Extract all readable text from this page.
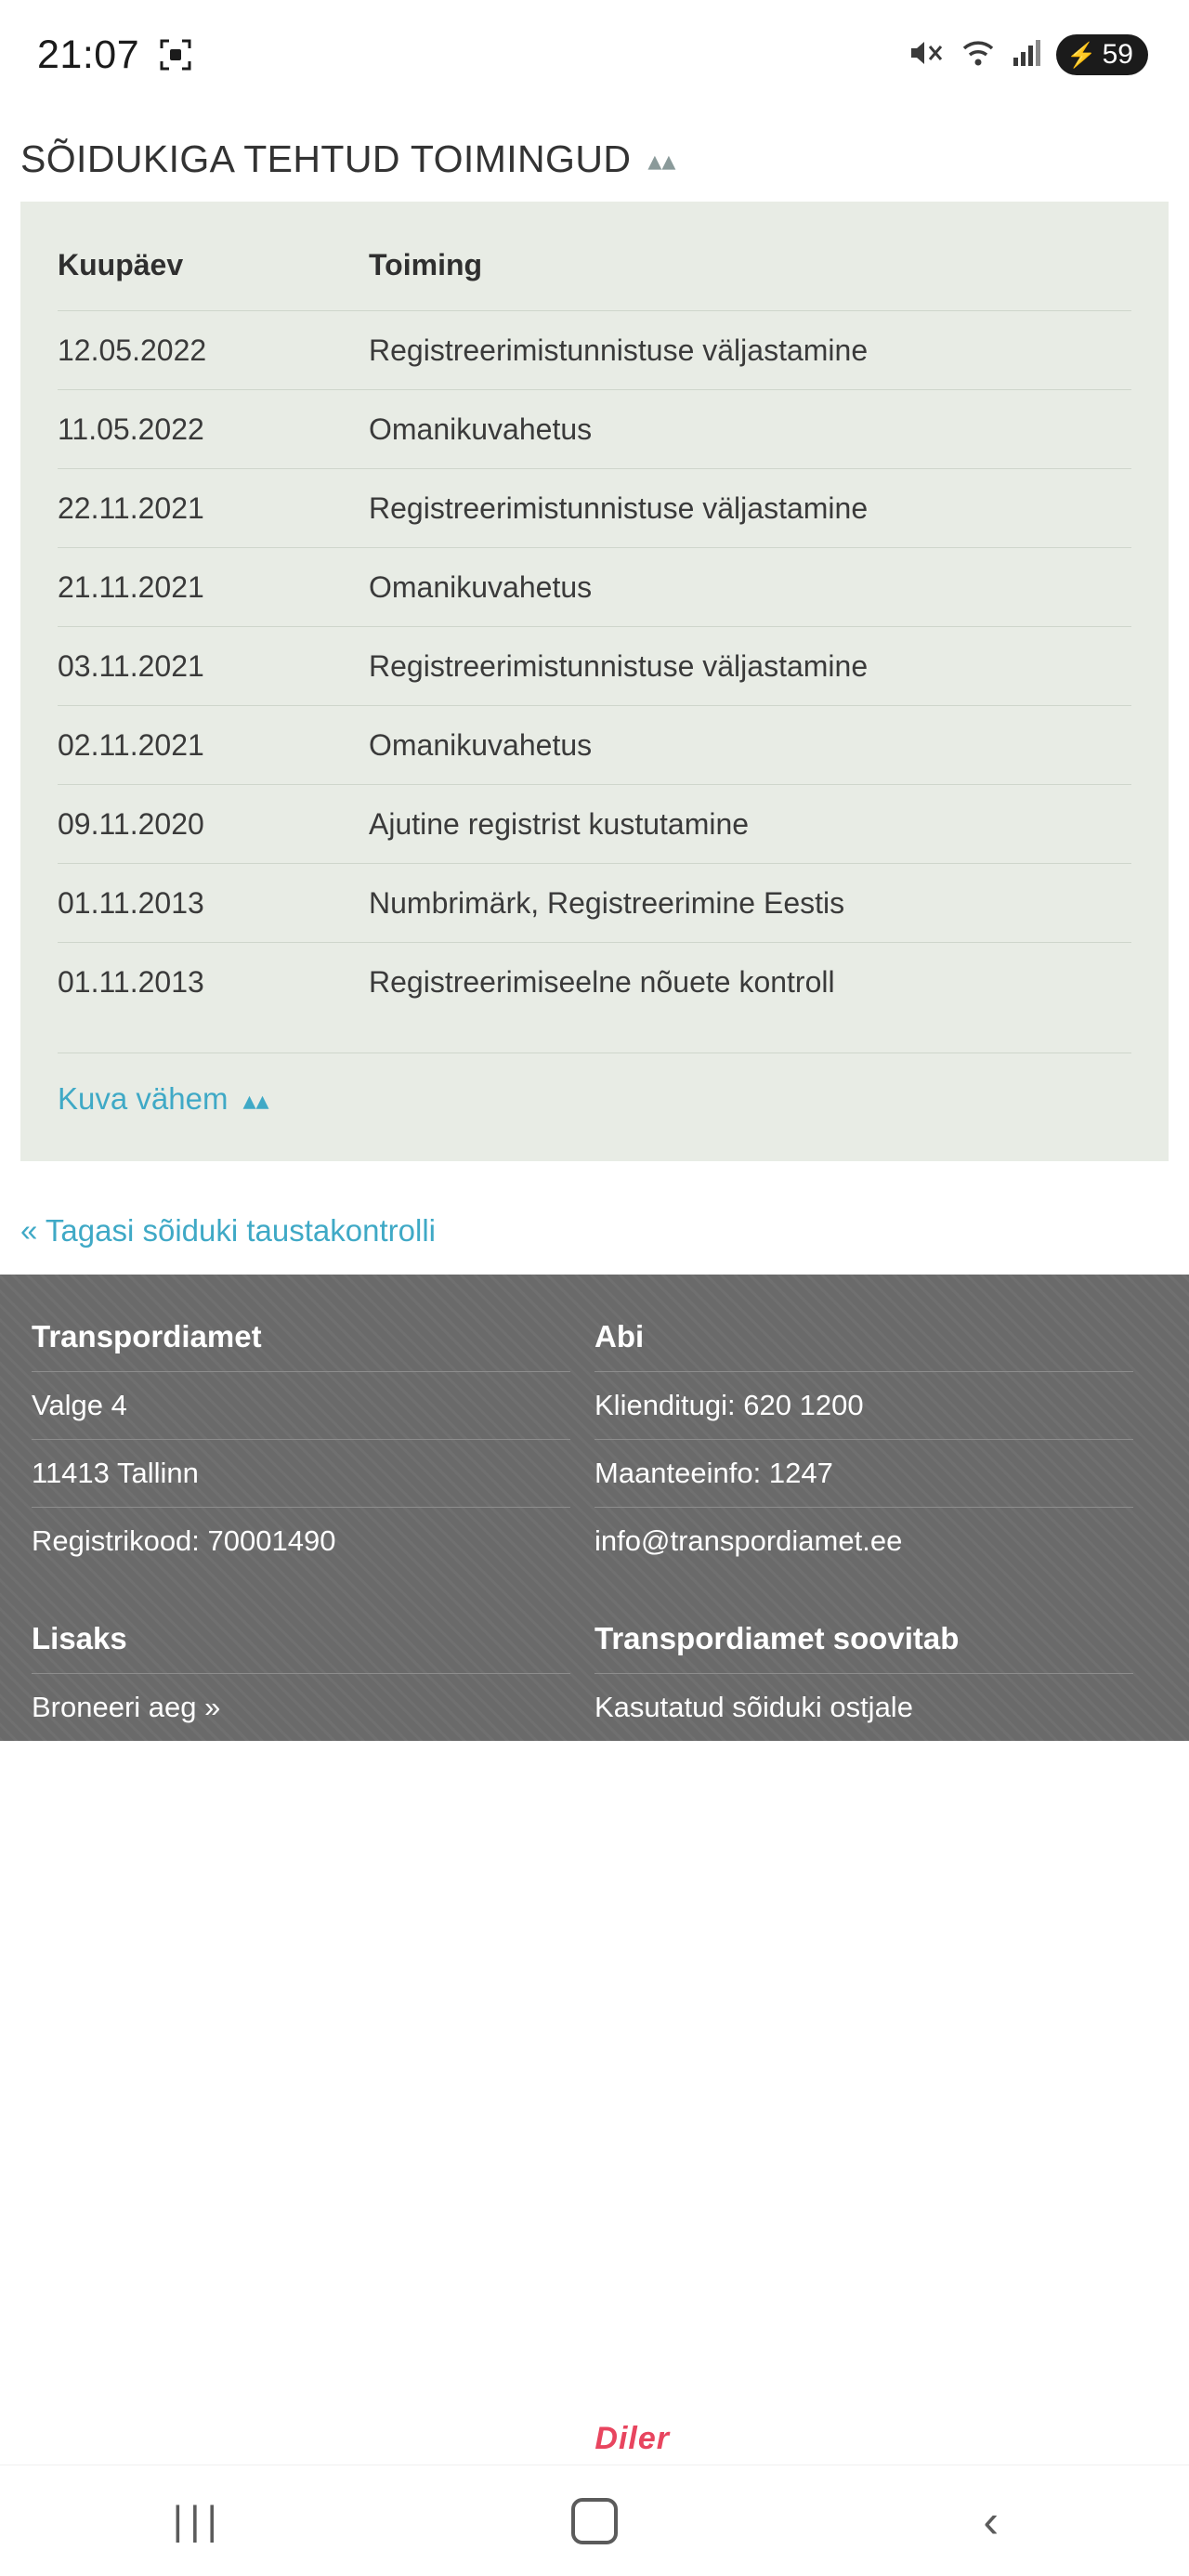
21:07	⚡ 59
SÕIDUKIGA TEHTUD TOIMINGUD ▴▴
Kuupäev	Toiming
12.05.2022	Registreerimistunnistuse väljastamine
11.05.2022	Omanikuvahetus
22.11.2021	Registreerimistunnistuse väljastamine
21.11.2021	Omanikuvahetus
03.11.2021	Registreerimistunnistuse väljastamine
02.11.2021	Omanikuvahetus
09.11.2020	Ajutine registrist kustutamine
01.11.2013	Numbrimärk, Registreerimine Eestis
01.11.2013	Registreerimiseelne nõuete kontroll
Kuva vähem ▴▴
« Tagasi sõiduki taustakontrolli
Transpordiamet
Valge 4
11413 Tallinn
Registrikood: 70001490
Abi
Klienditugi: 620 1200
Maanteeinfo: 1247
info@transpordiamet.ee
Lisaks
Broneeri aeg »
Transpordiamet soovitab
Kasutatud sõiduki ostjale
AutoDiler
|||	‹
